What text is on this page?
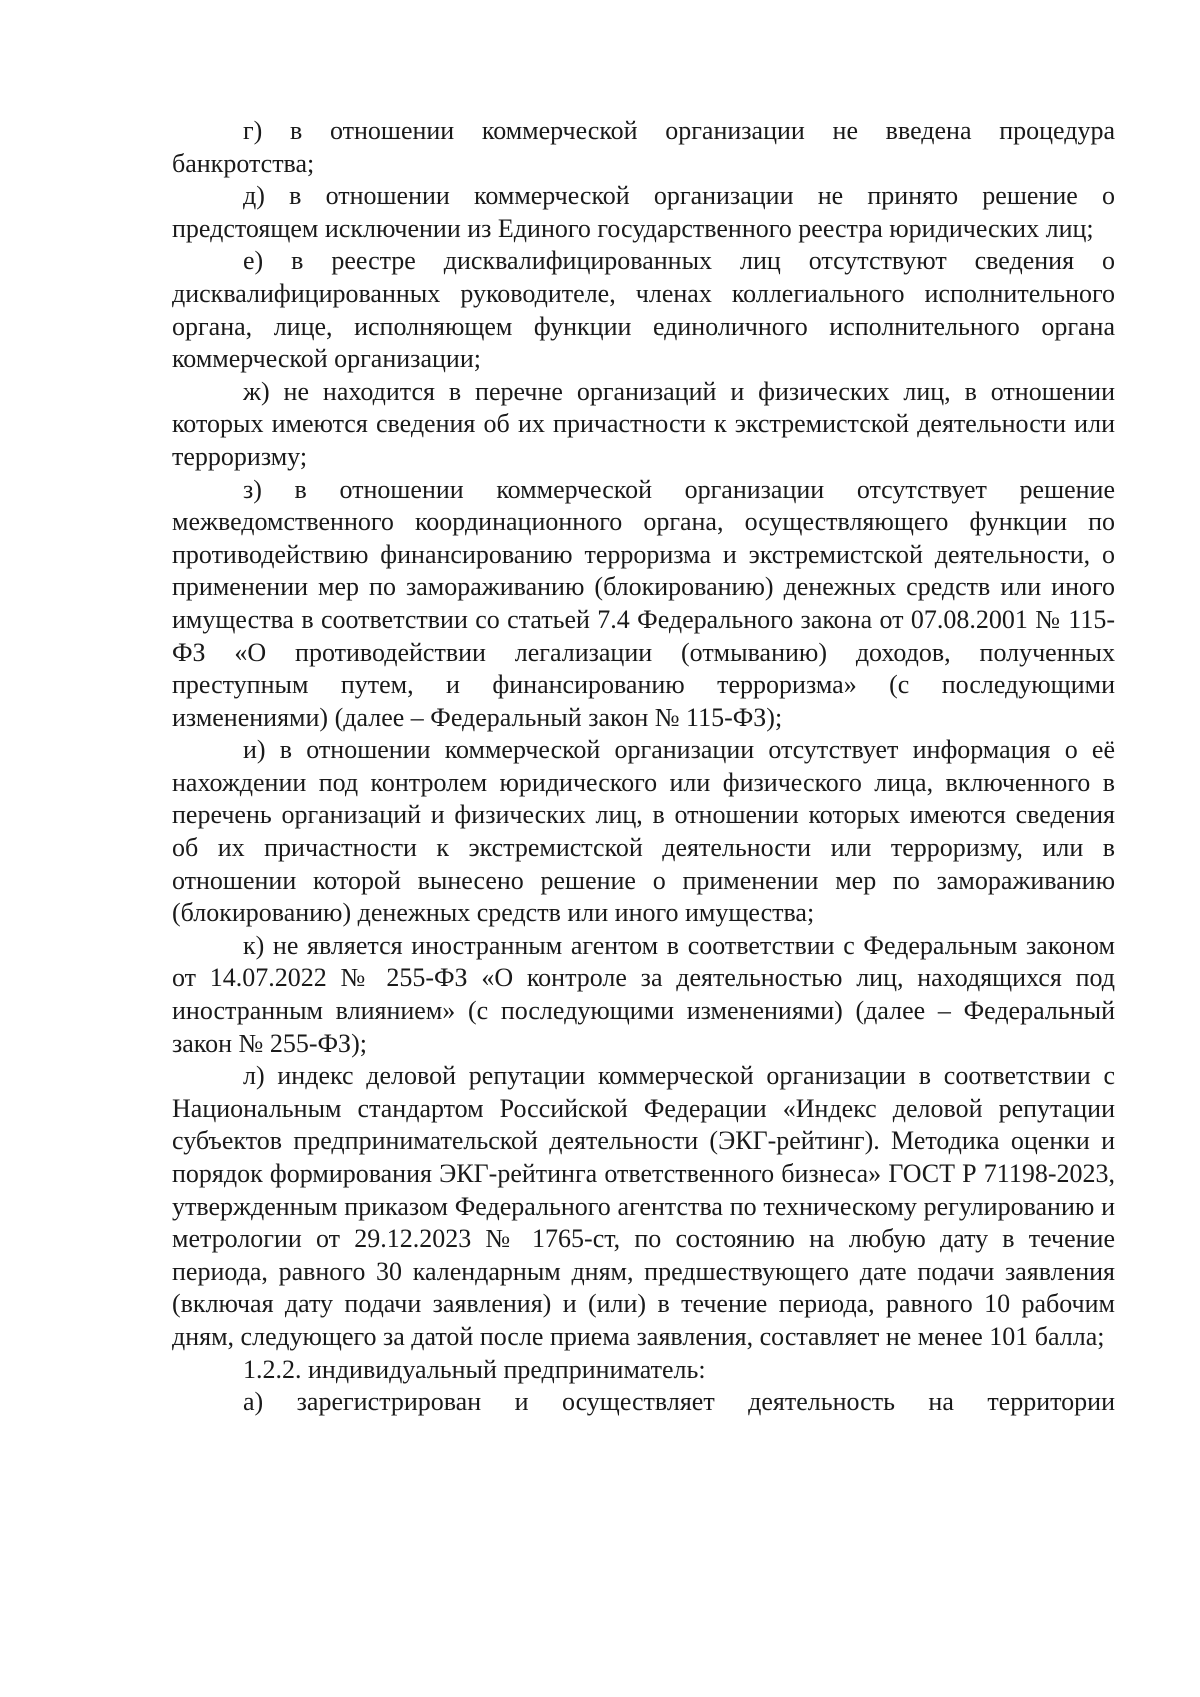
г) в отношении коммерческой организации не введена процедура банкротства;

д) в отношении коммерческой организации не принято решение о предстоящем исключении из Единого государственного реестра юридических лиц;

е) в реестре дисквалифицированных лиц отсутствуют сведения о дисквалифицированных руководителе, членах коллегиального исполнительного органа, лице, исполняющем функции единоличного исполнительного органа коммерческой организации;

ж) не находится в перечне организаций и физических лиц, в отношении которых имеются сведения об их причастности к экстремистской деятельности или терроризму;

з) в отношении коммерческой организации отсутствует решение межведомственного координационного органа, осуществляющего функции по противодействию финансированию терроризма и экстремистской деятельности, о применении мер по замораживанию (блокированию) денежных средств или иного имущества в соответствии со статьей 7.4 Федерального закона от 07.08.2001 № 115-ФЗ «О противодействии легализации (отмыванию) доходов, полученных преступным путем, и финансированию терроризма» (с последующими изменениями) (далее – Федеральный закон № 115-ФЗ);

и) в отношении коммерческой организации отсутствует информация о её нахождении под контролем юридического или физического лица, включенного в перечень организаций и физических лиц, в отношении которых имеются сведения об их причастности к экстремистской деятельности или терроризму, или в отношении которой вынесено решение о применении мер по замораживанию (блокированию) денежных средств или иного имущества;

к) не является иностранным агентом в соответствии с Федеральным законом от 14.07.2022 № 255-ФЗ «О контроле за деятельностью лиц, находящихся под иностранным влиянием» (с последующими изменениями) (далее – Федеральный закон № 255-ФЗ);

л) индекс деловой репутации коммерческой организации в соответствии с Национальным стандартом Российской Федерации «Индекс деловой репутации субъектов предпринимательской деятельности (ЭКГ-рейтинг). Методика оценки и порядок формирования ЭКГ-рейтинга ответственного бизнеса» ГОСТ Р 71198-2023, утвержденным приказом Федерального агентства по техническому регулированию и метрологии от 29.12.2023 № 1765-ст, по состоянию на любую дату в течение периода, равного 30 календарным дням, предшествующего дате подачи заявления (включая дату подачи заявления) и (или) в течение периода, равного 10 рабочим дням, следующего за датой после приема заявления, составляет не менее 101 балла;

1.2.2. индивидуальный предприниматель:

а) зарегистрирован и осуществляет деятельность на территории
